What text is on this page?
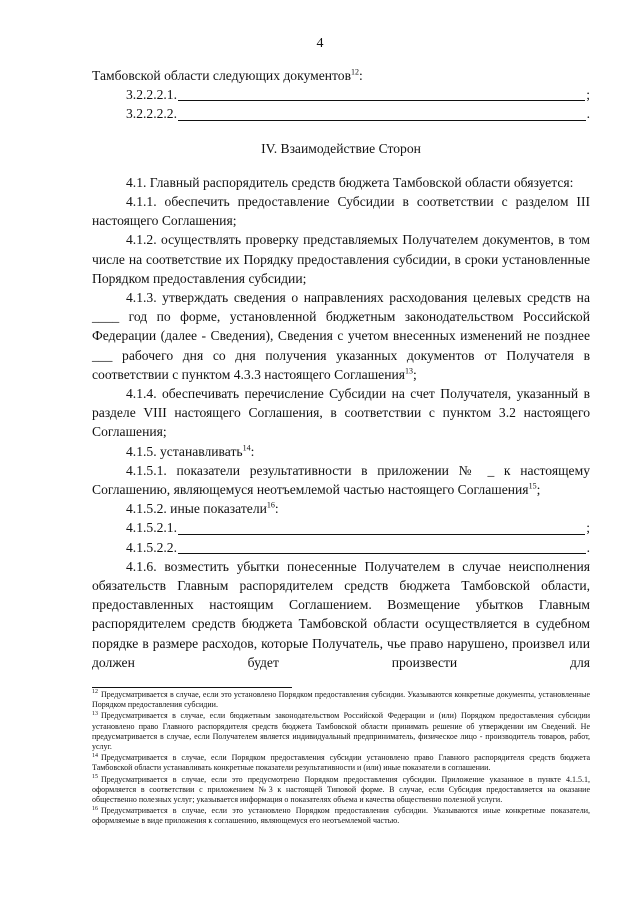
4

Тамбовской области следующих документов$^{12}$:

3.2.2.2.1.	;
3.2.2.2.2.	.
IV. Взаимодействие Сторон

4.1. Главный распорядитель средств бюджета Тамбовской области обязуется:

4.1.1. обеспечить предоставление Субсидии в соответствии с разделом III настоящего Соглашения;

4.1.2. осуществлять проверку представляемых Получателем документов, в том числе на соответствие их Порядку предоставления субсидии, в сроки установленные Порядком предоставления субсидии;

4.1.3. утверждать сведения о направлениях расходования целевых средств на ____ год по форме, установленной бюджетным законодательством Российской Федерации (далее - Сведения), Сведения с учетом внесенных изменений не позднее ___ рабочего дня со дня получения указанных документов от Получателя в соответствии с пунктом 4.3.3 настоящего Соглашения$^{13}$;

4.1.4. обеспечивать перечисление Субсидии на счет Получателя, указанный в разделе VIII настоящего Соглашения, в соответствии с пунктом 3.2 настоящего Соглашения;

4.1.5. устанавливать$^{14}$:

4.1.5.1. показатели результативности в приложении № _ к настоящему Соглашению, являющемуся неотъемлемой частью настоящего Соглашения$^{15}$;

4.1.5.2. иные показатели$^{16}$:

4.1.5.2.1.	;
4.1.5.2.2.	.

4.1.6. возместить убытки понесенные Получателем в случае неисполнения обязательств Главным распорядителем средств бюджета Тамбовской области, предоставленных настоящим Соглашением. Возмещение убытков Главным распорядителем средств бюджета Тамбовской области осуществляется в судебном порядке в размере расходов, которые Получатель, чье право нарушено, произвел или должен будет произвести для

$^{12}$ Предусматривается в случае, если это установлено Порядком предоставления субсидии. Указываются конкретные документы, установленные Порядком предоставления субсидии.

$^{13}$ Предусматривается в случае, если бюджетным законодательством Российской Федерации и (или) Порядком предоставления субсидии установлено право Главного распорядителя средств бюджета Тамбовской области принимать решение об утверждении им Сведений. Не предусматривается в случае, если Получателем является индивидуальный предприниматель, физическое лицо - производитель товаров, работ, услуг.

$^{14}$ Предусматривается в случае, если Порядком предоставления субсидии установлено право Главного распорядителя средств бюджета Тамбовской области устанавливать конкретные показатели результативности и (или) иные показатели в соглашении.

$^{15}$ Предусматривается в случае, если это предусмотрено Порядком предоставления субсидии. Приложение указанное в пункте 4.1.5.1, оформляется в соответствии с приложением №3 к настоящей Типовой форме. В случае, если Субсидия предоставляется на оказание общественно полезных услуг; указывается информация о показателях объема и качества общественно полезной услуги.

$^{16}$ Предусматривается в случае, если это установлено Порядком предоставления субсидии. Указываются иные конкретные показатели, оформляемые в виде приложения к соглашению, являющемуся его неотъемлемой частью.
